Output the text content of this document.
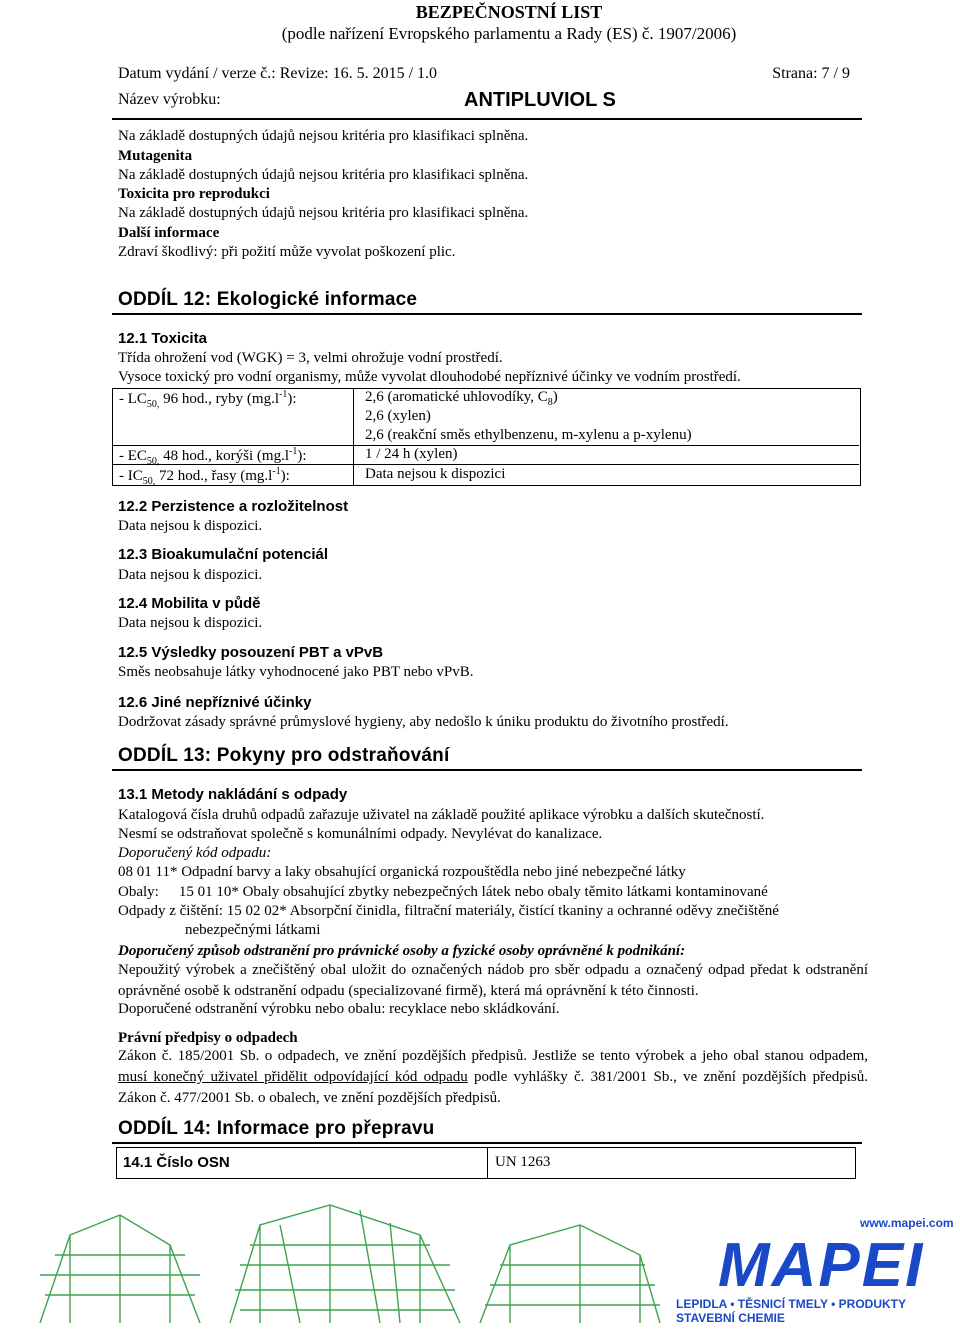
BEZPEČNOSTNÍ LIST
(podle nařízení Evropského parlamentu a Rady (ES) č. 1907/2006)
Datum vydání / verze č.: Revize: 16. 5. 2015 / 1.0	Strana: 7 / 9
Název výrobku:	ANTIPLUVIOL S
Na základě dostupných údajů nejsou kritéria pro klasifikaci splněna.
Mutagenita
Na základě dostupných údajů nejsou kritéria pro klasifikaci splněna.
Toxicita pro reprodukci
Na základě dostupných údajů nejsou kritéria pro klasifikaci splněna.
Další informace
Zdraví škodlivý: při požití může vyvolat poškození plic.
ODDÍL 12: Ekologické informace
12.1 Toxicita
Třída ohrožení vod (WGK) = 3, velmi ohrožuje vodní prostředí.
Vysoce toxický pro vodní organismy, může vyvolat dlouhodobé nepříznivé účinky ve vodním prostředí.
- $LC_{50,}$ 96 hod., ryby $(mg.l^{-1})$:	2,6 (aromatické uhlovodíky, $C_8$)
2,6 (xylen)
2,6 (reakční směs ethylbenzenu, m-xylenu a p-xylenu)
- $EC_{50,}$ 48 hod., korýši $(mg.l^{-1})$:	1 / 24 h (xylen)
- $IC_{50,}$ 72 hod., řasy $(mg.l^{-1})$:	Data nejsou k dispozici
12.2 Perzistence a rozložitelnost
Data nejsou k dispozici.
12.3 Bioakumulační potenciál
Data nejsou k dispozici.
12.4 Mobilita v půdě
Data nejsou k dispozici.
12.5 Výsledky posouzení PBT a vPvB
Směs neobsahuje látky vyhodnocené jako PBT nebo vPvB.
12.6 Jiné nepříznivé účinky
Dodržovat zásady správné průmyslové hygieny, aby nedošlo k úniku produktu do životního prostředí.
ODDÍL 13: Pokyny pro odstraňování
13.1 Metody nakládání s odpady
Katalogová čísla druhů odpadů zařazuje uživatel na základě použité aplikace výrobku a dalších skutečností.
Nesmí se odstraňovat společně s komunálními odpady. Nevylévat do kanalizace.
Doporučený kód odpadu:
08 01 11* Odpadní barvy a laky obsahující organická rozpouštědla nebo jiné nebezpečné látky
Obaly: 15 01 10* Obaly obsahující zbytky nebezpečných látek nebo obaly těmito látkami kontaminované
Odpady z čištění: 15 02 02* Absorpční činidla, filtrační materiály, čistící tkaniny a ochranné oděvy znečištěné
nebezpečnými látkami
Doporučený způsob odstranění pro právnické osoby a fyzické osoby oprávněné k podnikání:
Nepoužitý výrobek a znečištěný obal uložit do označených nádob pro sběr odpadu a označený odpad předat k odstranění oprávněné osobě k odstranění odpadu (specializované firmě), která má oprávnění k této činnosti.
Doporučené odstranění výrobku nebo obalu: recyklace nebo skládkování.
Právní předpisy o odpadech
Zákon č. 185/2001 Sb. o odpadech, ve znění pozdějších předpisů. Jestliže se tento výrobek a jeho obal stanou odpadem, musí konečný uživatel přidělit odpovídající kód odpadu podle vyhlášky č. 381/2001 Sb., ve znění pozdějších předpisů. Zákon č. 477/2001 Sb. o obalech, ve znění pozdějších předpisů.
ODDÍL 14: Informace pro přepravu
14.1 Číslo OSN	UN 1263
www.mapei.com
MAPEI
LEPIDLA • TĚSNICÍ TMELY • PRODUKTY STAVEBNÍ CHEMIE
